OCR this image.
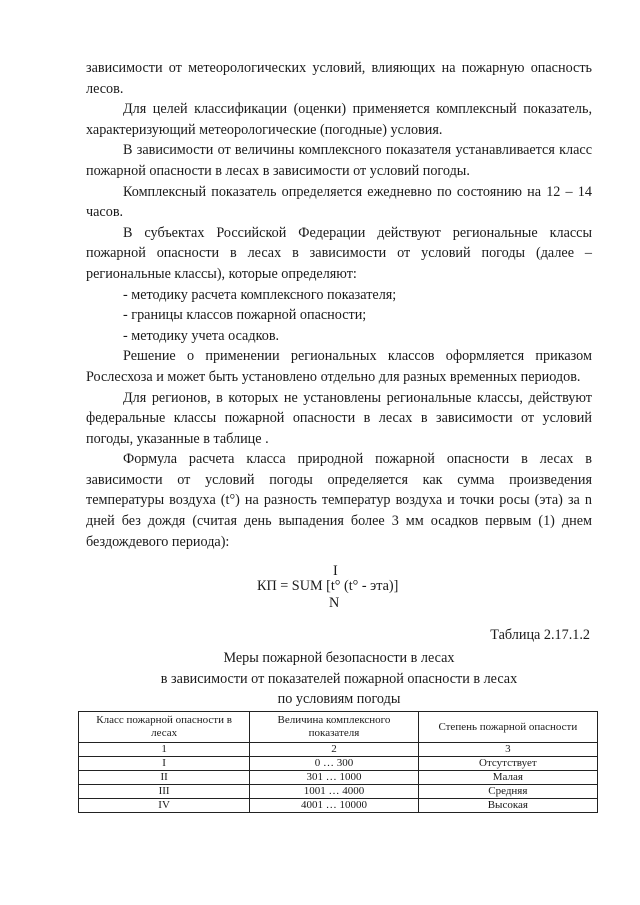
зависимости от метеорологических условий, влияющих на пожарную опасность лесов.

Для целей классификации (оценки) применяется комплексный показатель, характеризующий метеорологические (погодные) условия.

В зависимости от величины комплексного показателя устанавливается класс пожарной опасности в лесах в зависимости от условий погоды.

Комплексный показатель определяется ежедневно по состоянию на 12 – 14 часов.

В субъектах Российской Федерации действуют региональные классы пожарной опасности в лесах в зависимости от условий погоды (далее – региональные классы), которые определяют:

- методику расчета комплексного показателя;

- границы классов пожарной опасности;

- методику учета осадков.

Решение о применении региональных классов оформляется приказом Рослесхоза и может быть установлено отдельно для разных временных периодов.

Для регионов, в которых не установлены региональные классы, действуют федеральные классы пожарной опасности в лесах в зависимости от условий погоды, указанные в таблице .

Формула расчета класса природной пожарной опасности в лесах в зависимости от условий погоды определяется как сумма произведения температуры воздуха (t°) на разность температур воздуха и точки росы (эта) за n дней без дождя (считая день выпадения более 3 мм осадков первым (1) днем бездождевого периода):

I
КП = SUM [t° (t° - эта)]
N
Таблица 2.17.1.2
Меры пожарной безопасности в лесах
в зависимости от показателей пожарной опасности в лесах
по условиям погоды
Класс пожарной опасности в лесах	Величина комплексного показателя	Степень пожарной опасности
1	2	3
I	0 … 300	Отсутствует
II	301 … 1000	Малая
III	1001 … 4000	Средняя
IV	4001 … 10000	Высокая
